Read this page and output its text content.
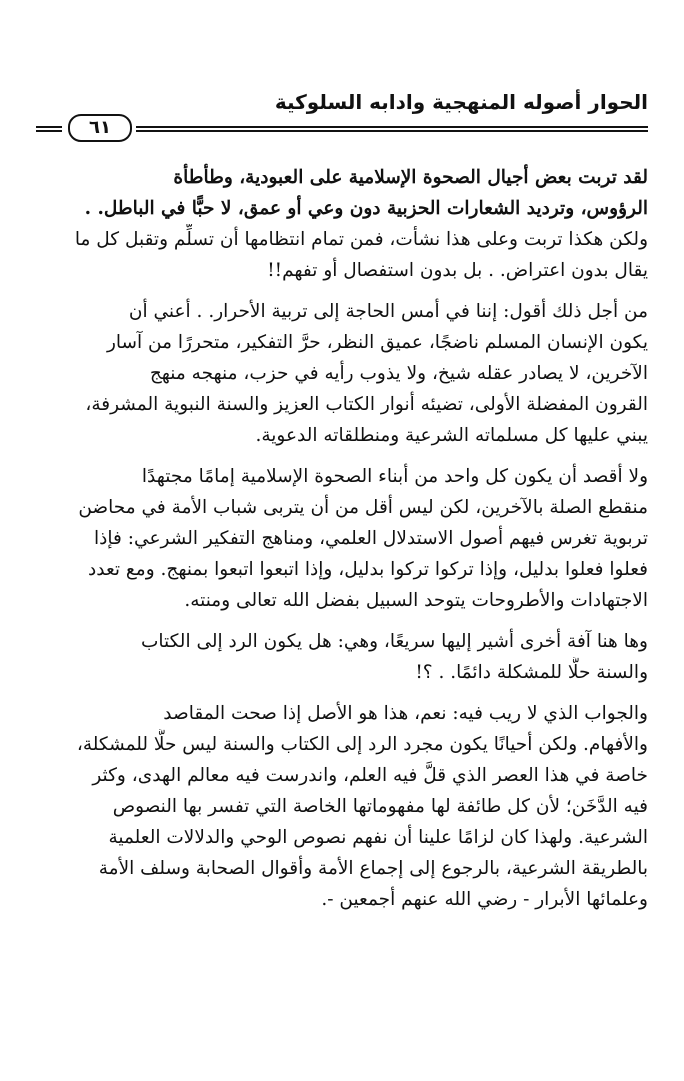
الحوار أصوله المنهجية وادابه السلوكية
٦١
لقد تربت بعض أجيال الصحوة الإسلامية على العبودية، وطأطأة
الرؤوس، وترديد الشعارات الحزبية دون وعي أو عمق، لا حبًّا في الباطل. .
ولكن هكذا تربت وعلى هذا نشأت، فمن تمام انتظامها أن تسلِّم وتقبل كل ما
يقال بدون اعتراض. . بل بدون استفصال أو تفهم!!
من أجل ذلك أقول: إننا في أمس الحاجة إلى تربية الأحرار. . أعني أن
يكون الإنسان المسلم ناضجًا، عميق النظر، حرَّ التفكير، متحررًا من آسار
الآخرين، لا يصادر عقله شيخ، ولا يذوب رأيه في حزب، منهجه منهج
القرون المفضلة الأولى، تضيئه أنوار الكتاب العزيز والسنة النبوية المشرفة،
يبني عليها كل مسلماته الشرعية ومنطلقاته الدعوية.
ولا أقصد أن يكون كل واحد من أبناء الصحوة الإسلامية إمامًا مجتهدًا
منقطع الصلة بالآخرين، لكن ليس أقل من أن يتربى شباب الأمة في محاضن
تربوية تغرس فيهم أصول الاستدلال العلمي، ومناهج التفكير الشرعي: فإذا
فعلوا فعلوا بدليل، وإذا تركوا تركوا بدليل، وإذا اتبعوا اتبعوا بمنهج. ومع تعدد
الاجتهادات والأطروحات يتوحد السبيل بفضل الله تعالى ومنته.
وها هنا آفة أخرى أشير إليها سريعًا، وهي: هل يكون الرد إلى الكتاب
والسنة حلًّا للمشكلة دائمًا. . ؟!
والجواب الذي لا ريب فيه: نعم، هذا هو الأصل إذا صحت المقاصد
والأفهام. ولكن أحيانًا يكون مجرد الرد إلى الكتاب والسنة ليس حلًّا للمشكلة،
خاصة في هذا العصر الذي قلَّ فيه العلم، واندرست فيه معالم الهدى، وكثر
فيه الدَّخَن؛ لأن كل طائفة لها مفهوماتها الخاصة التي تفسر بها النصوص
الشرعية. ولهذا كان لزامًا علينا أن نفهم نصوص الوحي والدلالات العلمية
بالطريقة الشرعية، بالرجوع إلى إجماع الأمة وأقوال الصحابة وسلف الأمة
وعلمائها الأبرار - رضي الله عنهم أجمعين -.
